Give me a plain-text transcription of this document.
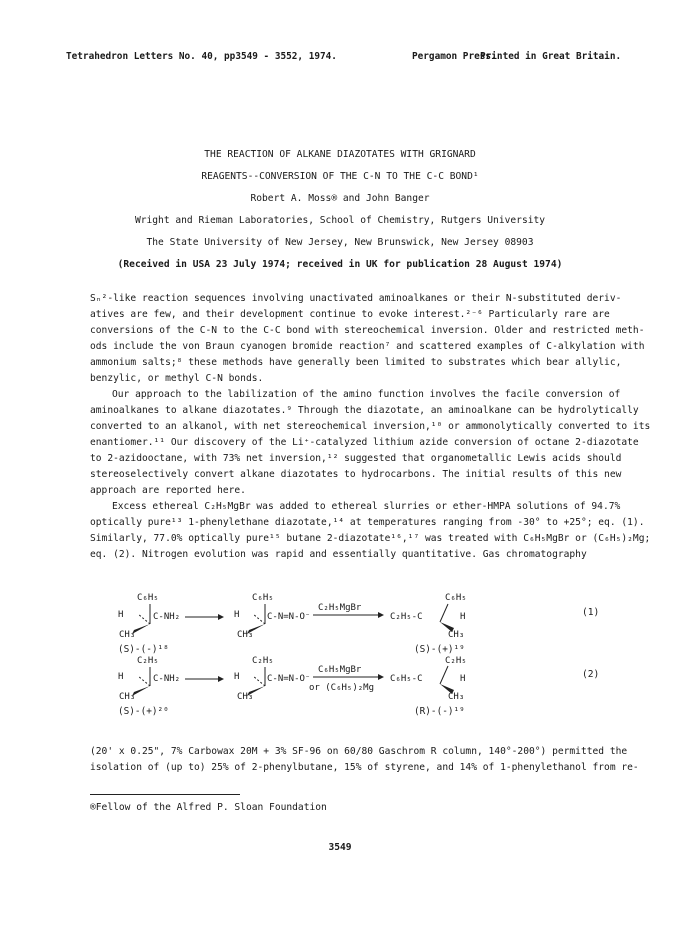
Tetrahedron Letters No. 40, pp3549 - 3552, 1974.	Pergamon Press.
Printed in Great Britain.
THE REACTION OF ALKANE DIAZOTATES WITH GRIGNARD
REAGENTS--CONVERSION OF THE C-N TO THE C-C BOND¹
Robert A. Moss® and John Banger
Wright and Rieman Laboratories, School of Chemistry, Rutgers University
The State University of New Jersey, New Brunswick, New Jersey 08903
(Received in USA 23 July 1974; received in UK for publication 28 August 1974)
Sₙ²-like reaction sequences involving unactivated aminoalkanes or their N-substituted deriv-
atives are few, and their development continue to evoke interest.²⁻⁶ Particularly rare are
conversions of the C-N to the C-C bond with stereochemical inversion. Older and restricted meth-
ods include the von Braun cyanogen bromide reaction⁷ and scattered examples of C-alkylation with
ammonium salts;⁸ these methods have generally been limited to substrates which bear allylic,
benzylic, or methyl C-N bonds.
Our approach to the labilization of the amino function involves the facile conversion of
aminoalkanes to alkane diazotates.⁹ Through the diazotate, an aminoalkane can be hydrolytically
converted to an alkanol, with net stereochemical inversion,¹⁰ or ammonolytically converted to its
enantiomer.¹¹ Our discovery of the Li⁺-catalyzed lithium azide conversion of octane 2-diazotate
to 2-azidooctane, with 73% net inversion,¹² suggested that organometallic Lewis acids should
stereoselectively convert alkane diazotates to hydrocarbons. The initial results of this new
approach are reported here.
Excess ethereal C₂H₅MgBr was added to ethereal slurries or ether-HMPA solutions of 94.7%
optically pure¹³ 1-phenylethane diazotate,¹⁴ at temperatures ranging from -30° to +25°; eq. (1).
Similarly, 77.0% optically pure¹⁵ butane 2-diazotate¹⁶,¹⁷ was treated with C₆H₅MgBr or (C₆H₅)₂Mg;
eq. (2). Nitrogen evolution was rapid and essentially quantitative. Gas chromatography
C₆H₅
C-NH₂
H
CH₃
(S)-(-)¹⁸
C₆H₅
C-N=N-O⁻
H
CH₃
C₂H₅MgBr
C₂H₅-C
C₆H₅
H
CH₃
(S)-(+)¹⁹
(1)
C₂H₅
C-NH₂
H
CH₃
(S)-(+)²⁰
C₂H₅
C-N=N-O⁻
H
CH₃
C₆H₅MgBr
or (C₆H₅)₂Mg
C₆H₅-C
C₂H₅
H
CH₃
(R)-(-)¹⁹
(2)
(20' x 0.25", 7% Carbowax 20M + 3% SF-96 on 60/80 Gaschrom R column, 140°-200°) permitted the
isolation of (up to) 25% of 2-phenylbutane, 15% of styrene, and 14% of 1-phenylethanol from re-
®Fellow of the Alfred P. Sloan Foundation
3549
